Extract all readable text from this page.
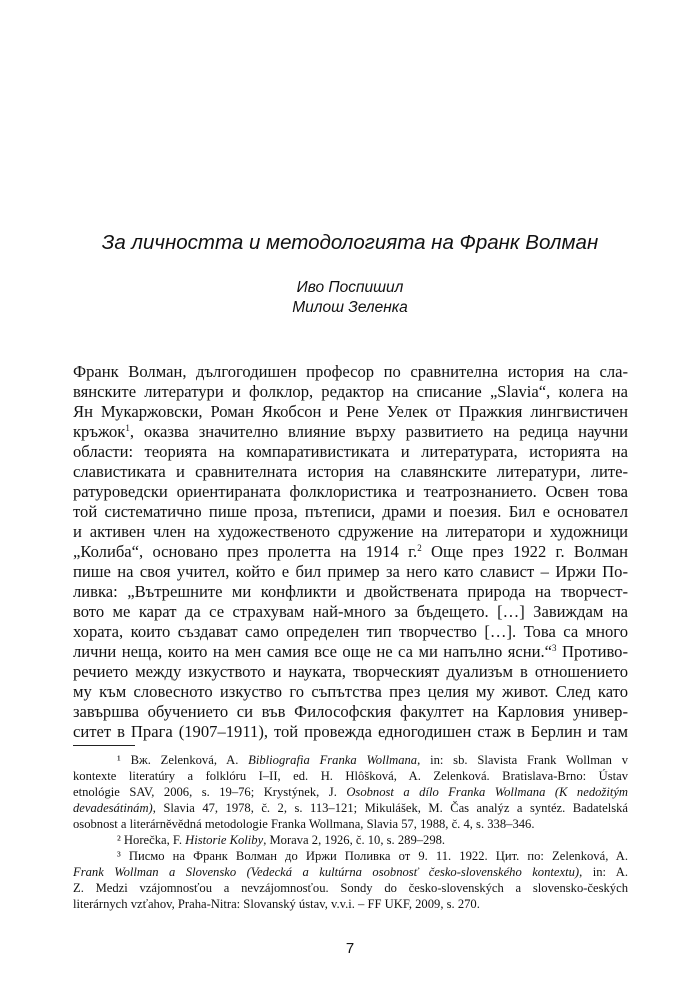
За личността и методологията на Франк Волман
Иво Поспишил
Милош Зеленка
Франк Волман, дългогодишен професор по сравнителна история на сла-
вянските литератури и фолклор, редактор на списание „Slavia“, колега на
Ян Мукаржовски, Роман Якобсон и Рене Уелек от Пражкия лингвистичен
кръжок$^1$, оказва значително влияние върху развитието на редица научни
области: теорията на компаративистиката и литературата, историята на
славистиката и сравнителната история на славянските литератури, лите-
ратуроведски ориентираната фолклористика и театрознанието. Освен това
той систематично пише проза, пътеписи, драми и поезия. Бил е основател
и активен член на художественото сдружение на литератори и художници
„Колиба“, основано през пролетта на 1914 г.$^2$ Още през 1922 г. Волман
пише на своя учител, който е бил пример за него като славист – Иржи По-
ливка: „Вътрешните ми конфликти и двойствената природа на творчест-
вото ме карат да се страхувам най-много за бъдещето. […] Завиждам на
хората, които създават само определен тип творчество […]. Това са много
лични неща, които на мен самия все още не са ми напълно ясни.“$^3$ Противо-
речието между изкуството и науката, творческият дуализъм в отношението
му към словесното изкуство го съпътства през целия му живот. След като
завършва обучението си във Философския факултет на Карловия универ-
ситет в Прага (1907–1911), той провежда едногодишен стаж в Берлин и там
¹ Вж. Zelenková, A. Bibliografia Franka Wollmana, in: sb. Slavista Frank Wollman v
kontexte literatúry a folklóru I–II, ed. H. Hlôšková, A. Zelenková. Bratislava-Brno: Ústav
etnológie SAV, 2006, s. 19–76; Krystýnek, J. Osobnost a dílo Franka Wollmana (K nedožitým
devadesátinám), Slavia 47, 1978, č. 2, s. 113–121; Mikulášek, M. Čas analýz a syntéz. Badatelská
osobnost a literárněvědná metodologie Franka Wollmana, Slavia 57, 1988, č. 4, s. 338–346.
² Horečka, F. Historie Koliby, Morava 2, 1926, č. 10, s. 289–298.
³ Писмо на Франк Волман до Иржи Поливка от 9. 11. 1922. Цит. по: Zelenková, A.
Frank Wollman a Slovensko (Vedecká a kultúrna osobnosť česko-slovenského kontextu), in: A.
Z. Medzi vzájomnosťou a nevzájomnosťou. Sondy do česko-slovenských a slovensko-českých
literárnych vzťahov, Praha-Nitra: Slovanský ústav, v.v.i. – FF UKF, 2009, s. 270.
7
